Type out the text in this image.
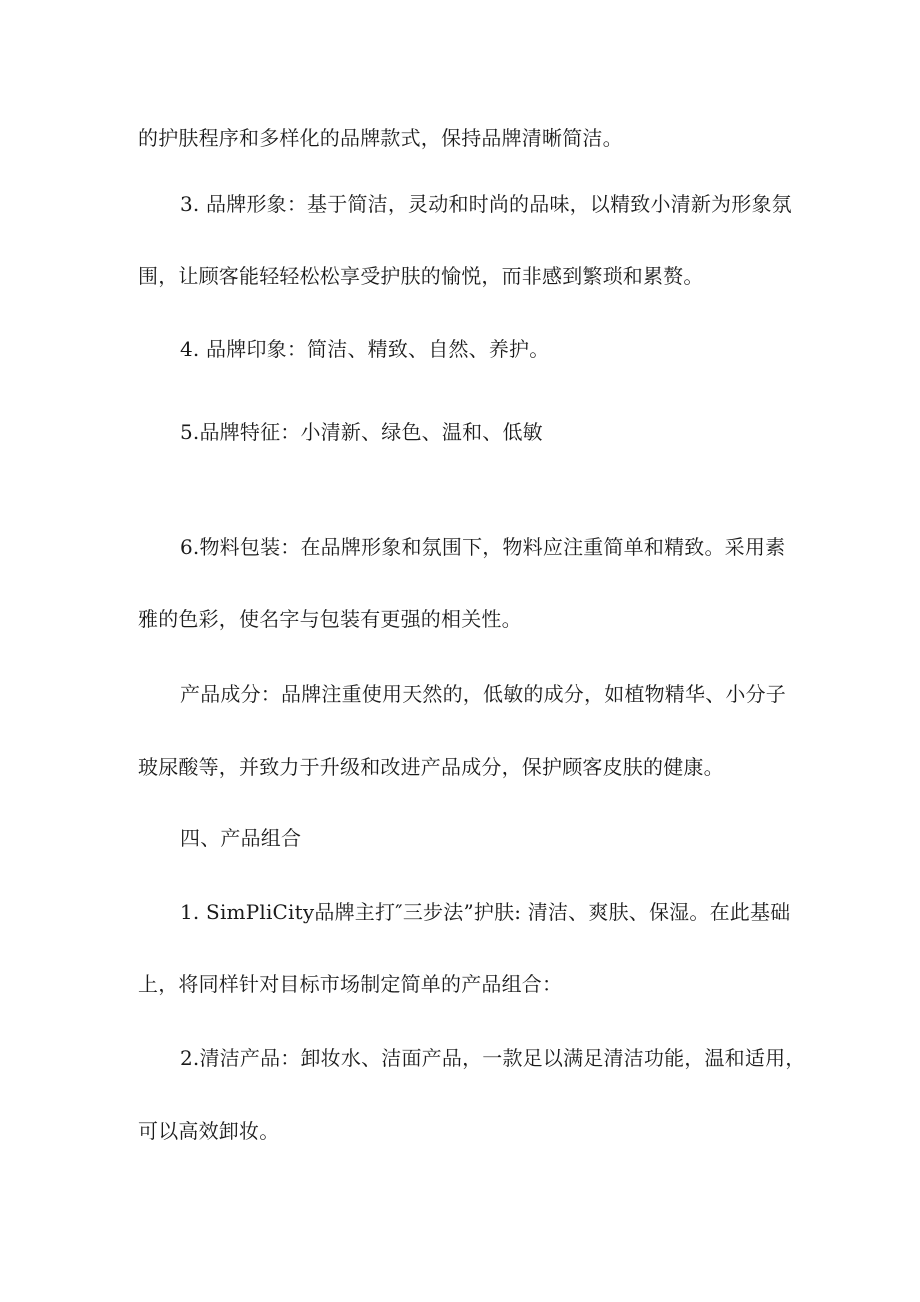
的护肤程序和多样化的品牌款式，保持品牌清晰简洁。
3. 品牌形象：基于简洁，灵动和时尚的品味，以精致小清新为形象氛
围，让顾客能轻轻松松享受护肤的愉悦，而非感到繁琐和累赘。
4. 品牌印象：简洁、精致、自然、养护。
5.品牌特征：小清新、绿色、温和、低敏
6.物料包装：在品牌形象和氛围下，物料应注重简单和精致。采用素
雅的色彩，使名字与包装有更强的相关性。
产品成分：品牌注重使用天然的，低敏的成分，如植物精华、小分子
玻尿酸等，并致力于升级和改进产品成分，保护顾客皮肤的健康。
四、产品组合
1. SimPliCity品牌主打″三步法”护肤: 清洁、爽肤、保湿。在此基础
上，将同样针对目标市场制定简单的产品组合：
2.清洁产品：卸妆水、洁面产品，一款足以满足清洁功能，温和适用，
可以高效卸妆。
